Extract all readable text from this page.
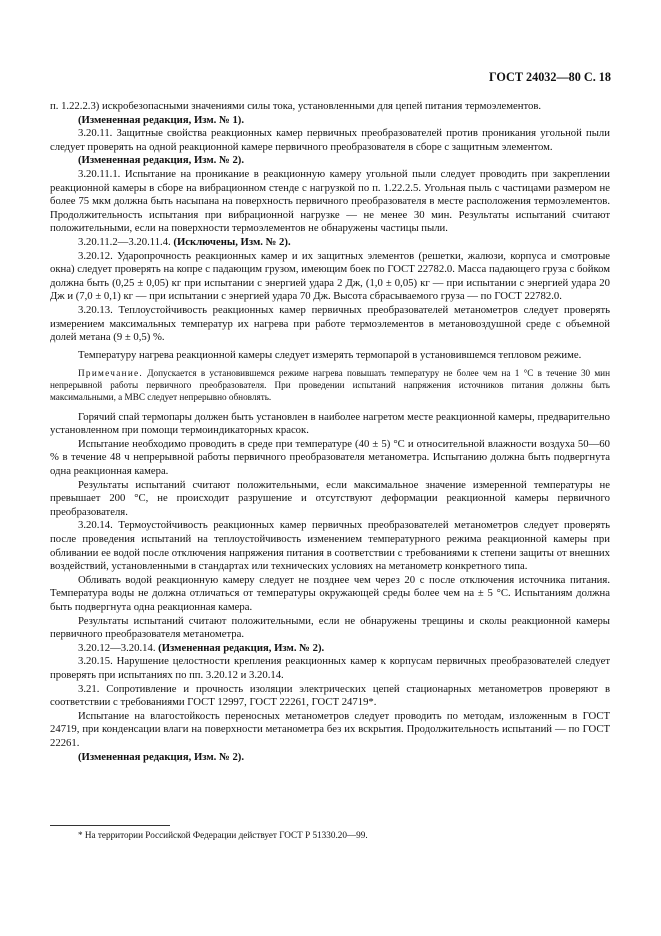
ГОСТ 24032—80 С. 18

п. 1.22.2.3) искробезопасными значениями силы тока, установленными для цепей питания термоэлементов.

(Измененная редакция, Изм. № 1).

3.20.11. Защитные свойства реакционных камер первичных преобразователей против проникания угольной пыли следует проверять на одной реакционной камере первичного преобразователя в сборе с защитным элементом.

(Измененная редакция, Изм. № 2).

3.20.11.1. Испытание на проникание в реакционную камеру угольной пыли следует проводить при закреплении реакционной камеры в сборе на вибрационном стенде с нагрузкой по п. 1.22.2.5. Угольная пыль с частицами размером не более 75 мкм должна быть насыпана на поверхность первичного преобразователя в месте расположения термоэлементов. Продолжительность испытания при вибрационной нагрузке — не менее 30 мин. Результаты испытаний считают положительными, если на поверхности термоэлементов не обнаружены частицы пыли.

3.20.11.2—3.20.11.4. (Исключены, Изм. № 2).

3.20.12. Ударопрочность реакционных камер и их защитных элементов (решетки, жалюзи, корпуса и смотровые окна) следует проверять на копре с падающим грузом, имеющим боек по ГОСТ 22782.0. Масса падающего груза с бойком должна быть (0,25 ± 0,05) кг при испытании с энергией удара 2 Дж, (1,0 ± 0,05) кг — при испытании с энергией удара 20 Дж и (7,0 ± 0,1) кг — при испытании с энергией удара 70 Дж. Высота сбрасываемого груза — по ГОСТ 22782.0.

3.20.13. Теплоустойчивость реакционных камер первичных преобразователей метанометров следует проверять измерением максимальных температур их нагрева при работе термоэлементов в метановоздушной среде с объемной долей метана (9 ± 0,5) %.

Температуру нагрева реакционной камеры следует измерять термопарой в установившемся тепловом режиме.

Примечание. Допускается в установившемся режиме нагрева повышать температуру не более чем на 1 °С в течение 30 мин непрерывной работы первичного преобразователя. При проведении испытаний напряжения источников питания должны быть максимальными, а МВС следует непрерывно обновлять.

Горячий спай термопары должен быть установлен в наиболее нагретом месте реакционной камеры, предварительно установленном при помощи термоиндикаторных красок.

Испытание необходимо проводить в среде при температуре (40 ± 5) °С и относительной влажности воздуха 50—60 % в течение 48 ч непрерывной работы первичного преобразователя метанометра. Испытанию должна быть подвергнута одна реакционная камера.

Результаты испытаний считают положительными, если максимальное значение измеренной температуры не превышает 200 °С, не происходит разрушение и отсутствуют деформации реакционной камеры первичного преобразователя.

3.20.14. Термоустойчивость реакционных камер первичных преобразователей метанометров следует проверять после проведения испытаний на теплоустойчивость изменением температурного режима реакционной камеры при обливании ее водой после отключения напряжения питания в соответствии с требованиями к степени защиты от внешних воздействий, установленными в стандартах или технических условиях на метанометр конкретного типа.

Обливать водой реакционную камеру следует не позднее чем через 20 с после отключения источника питания. Температура воды не должна отличаться от температуры окружающей среды более чем на ± 5 °С. Испытаниям должна быть подвергнута одна реакционная камера.

Результаты испытаний считают положительными, если не обнаружены трещины и сколы реакционной камеры первичного преобразователя метанометра.

3.20.12—3.20.14. (Измененная редакция, Изм. № 2).

3.20.15. Нарушение целостности крепления реакционных камер к корпусам первичных преобразователей следует проверять при испытаниях по пп. 3.20.12 и 3.20.14.

3.21. Сопротивление и прочность изоляции электрических цепей стационарных метанометров проверяют в соответствии с требованиями ГОСТ 12997, ГОСТ 22261, ГОСТ 24719*.

Испытание на влагостойкость переносных метанометров следует проводить по методам, изложенным в ГОСТ 24719, при конденсации влаги на поверхности метанометра без их вскрытия. Продолжительность испытаний — по ГОСТ 22261.

(Измененная редакция, Изм. № 2).

* На территории Российской Федерации действует ГОСТ Р 51330.20—99.
